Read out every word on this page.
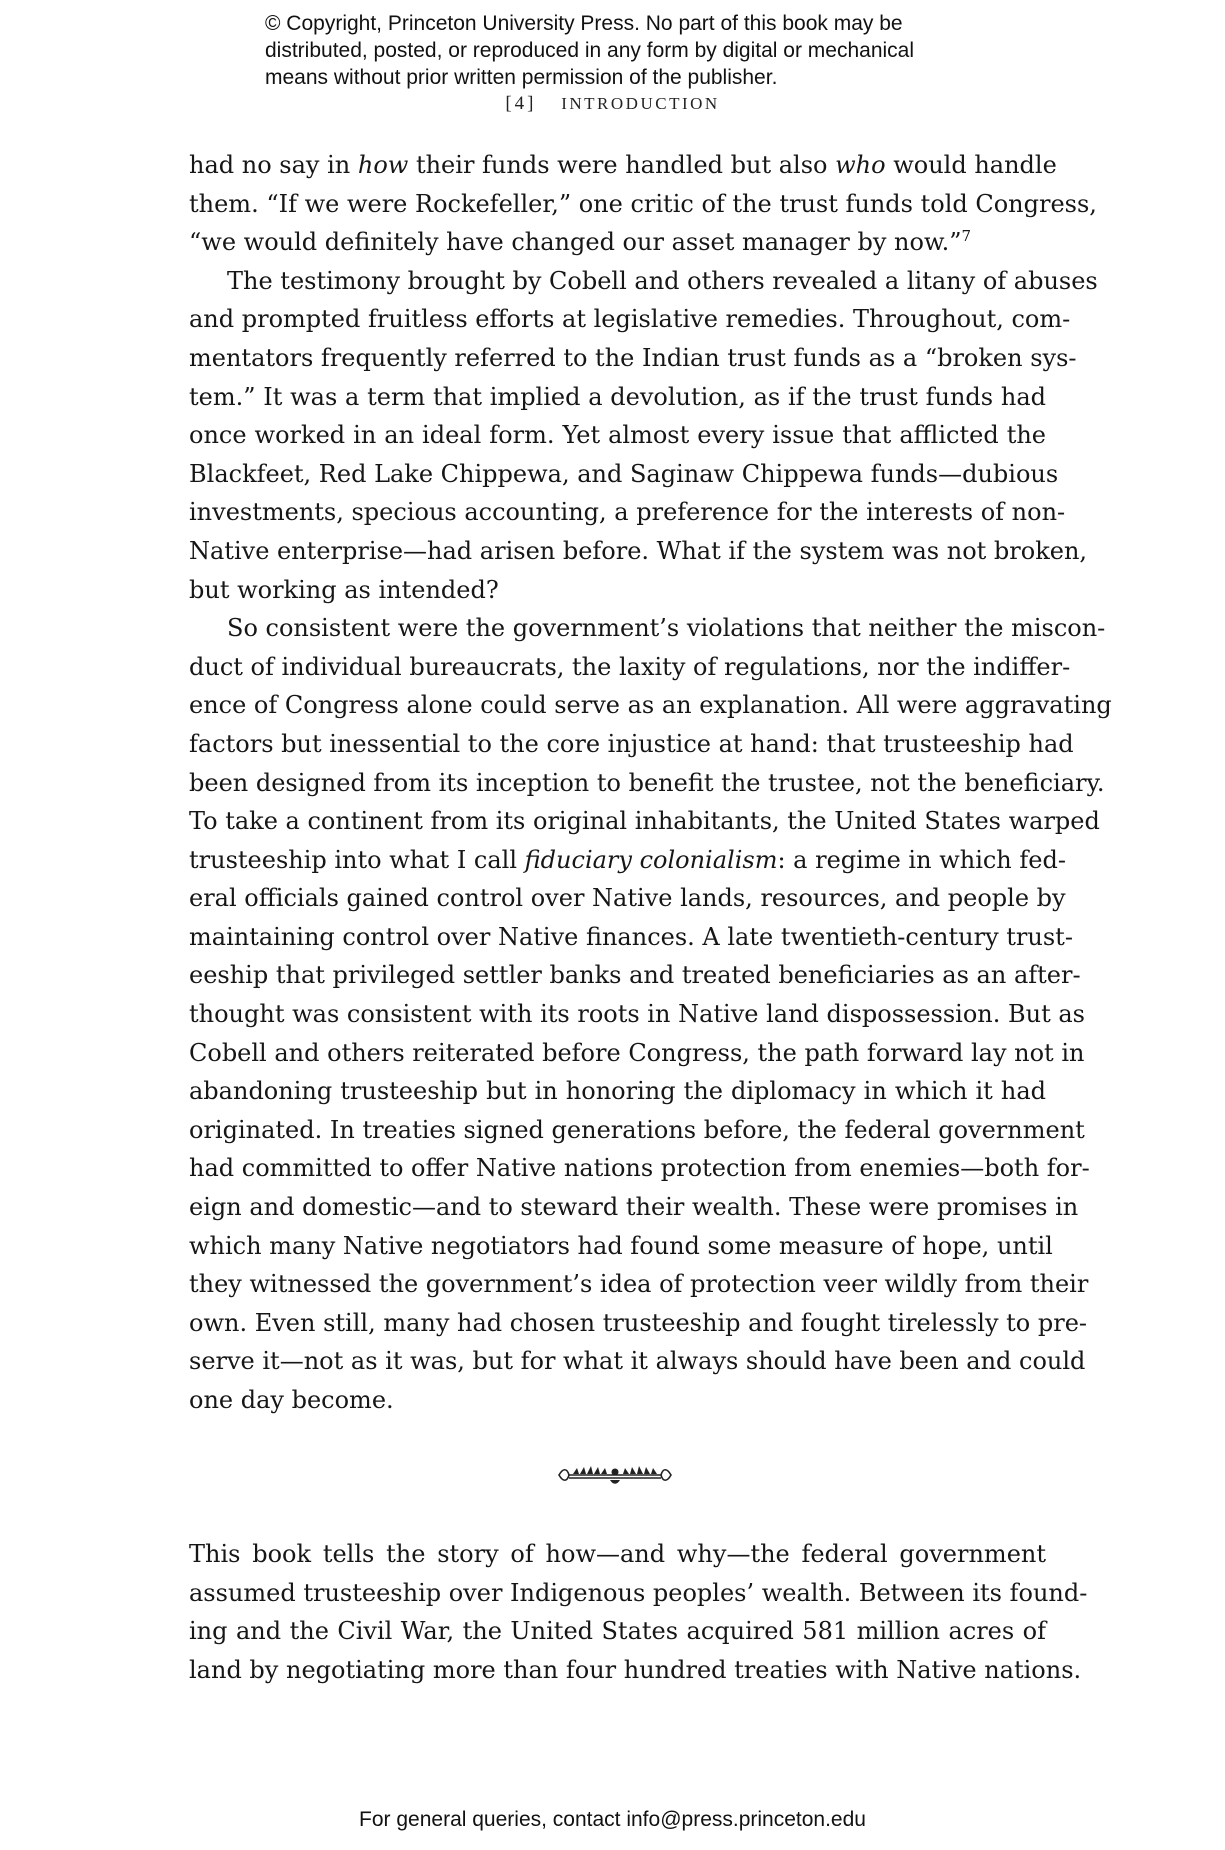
© Copyright, Princeton University Press. No part of this book may be
distributed, posted, or reproduced in any form by digital or mechanical
means without prior written permission of the publisher.
[4] INTRODUCTION

had no say in how their funds were handled but also who would handle
them. “If we were Rockefeller,” one critic of the trust funds told Congress,
“we would definitely have changed our asset manager by now.”$^7$

The testimony brought by Cobell and others revealed a litany of abuses
and prompted fruitless efforts at legislative remedies. Throughout, com-
mentators frequently referred to the Indian trust funds as a “broken sys-
tem.” It was a term that implied a devolution, as if the trust funds had
once worked in an ideal form. Yet almost every issue that afflicted the
Blackfeet, Red Lake Chippewa, and Saginaw Chippewa funds—dubious
investments, specious accounting, a preference for the interests of non-
Native enterprise—had arisen before. What if the system was not broken,
but working as intended?

So consistent were the government’s violations that neither the miscon-
duct of individual bureaucrats, the laxity of regulations, nor the indiffer-
ence of Congress alone could serve as an explanation. All were aggravating
factors but inessential to the core injustice at hand: that trusteeship had
been designed from its inception to benefit the trustee, not the beneficiary.
To take a continent from its original inhabitants, the United States warped
trusteeship into what I call fiduciary colonialism: a regime in which fed-
eral officials gained control over Native lands, resources, and people by
maintaining control over Native finances. A late twentieth-century trust-
eeship that privileged settler banks and treated beneficiaries as an after-
thought was consistent with its roots in Native land dispossession. But as
Cobell and others reiterated before Congress, the path forward lay not in
abandoning trusteeship but in honoring the diplomacy in which it had
originated. In treaties signed generations before, the federal government
had committed to offer Native nations protection from enemies—both for-
eign and domestic—and to steward their wealth. These were promises in
which many Native negotiators had found some measure of hope, until
they witnessed the government’s idea of protection veer wildly from their
own. Even still, many had chosen trusteeship and fought tirelessly to pre-
serve it—not as it was, but for what it always should have been and could
one day become.

This book tells the story of how—and why—the federal government
assumed trusteeship over Indigenous peoples’ wealth. Between its found-
ing and the Civil War, the United States acquired 581 million acres of
land by negotiating more than four hundred treaties with Native nations.

For general queries, contact info@press.princeton.edu
